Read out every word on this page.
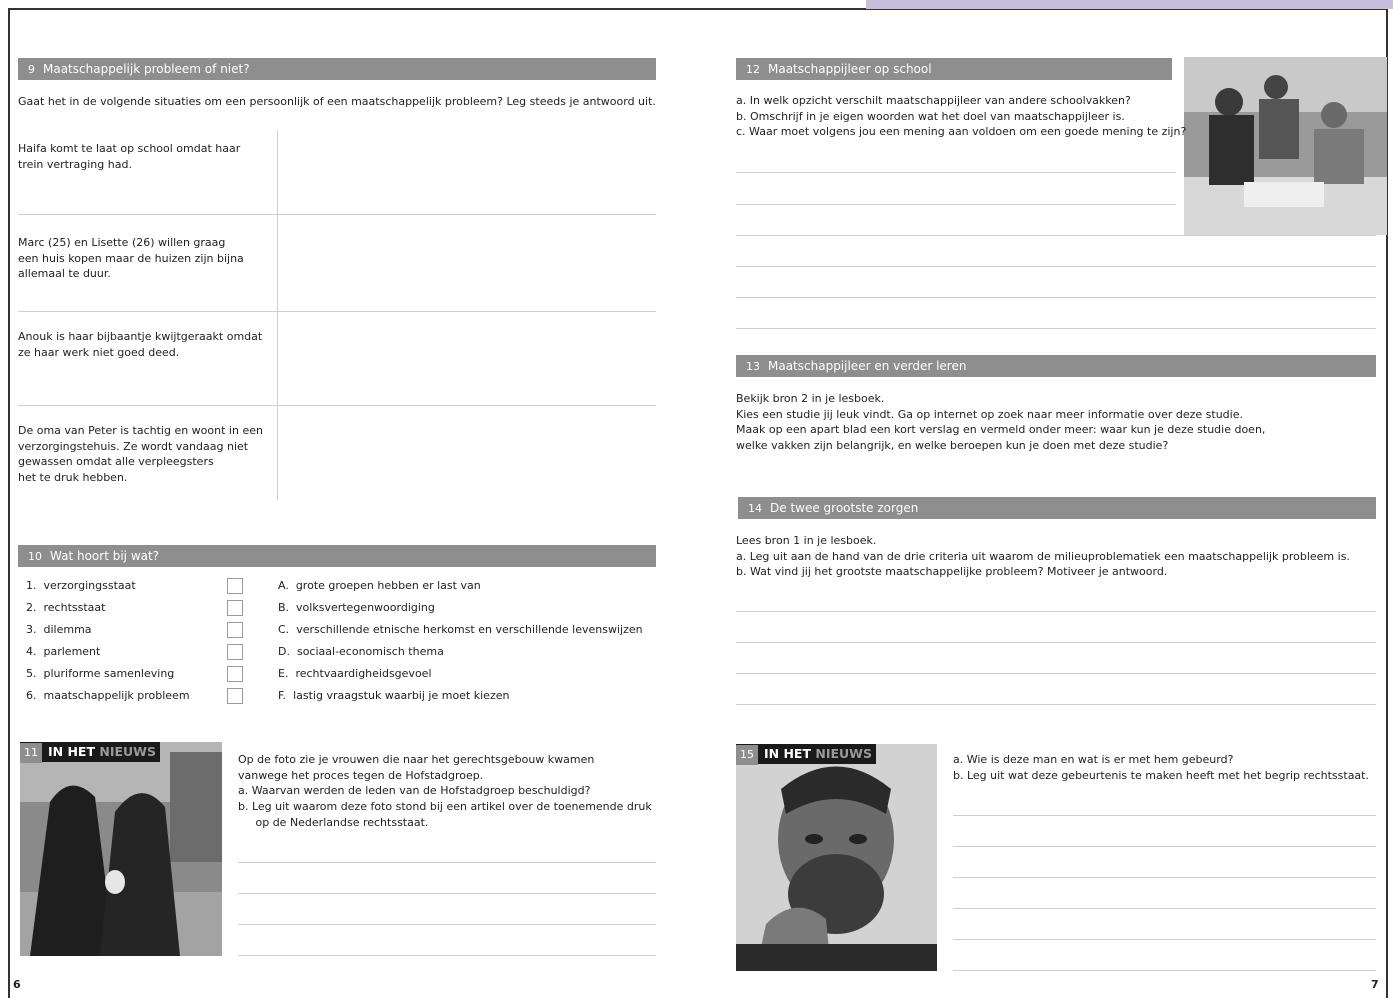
9 Maatschappelijk probleem of niet?
Gaat het in de volgende situaties om een persoonlijk of een maatschappelijk probleem? Leg steeds je antwoord uit.
Haifa komt te laat op school omdat haar
trein vertraging had.
Marc (25) en Lisette (26) willen graag
een huis kopen maar de huizen zijn bijna
allemaal te duur.
Anouk is haar bijbaantje kwijtgeraakt omdat
ze haar werk niet goed deed.
De oma van Peter is tachtig en woont in een
verzorgingstehuis. Ze wordt vandaag niet
gewassen omdat alle verpleegsters
het te druk hebben.
10 Wat hoort bij wat?
1. verzorgingsstaat
2. rechtsstaat
3. dilemma
4. parlement
5. pluriforme samenleving
6. maatschappelijk probleem
A. grote groepen hebben er last van
B. volksvertegenwoordiging
C. verschillende etnische herkomst en verschillende levenswijzen
D. sociaal-economisch thema
E. rechtvaardigheidsgevoel
F. lastig vraagstuk waarbij je moet kiezen
11 IN HET NIEUWS
Op de foto zie je vrouwen die naar het gerechtsgebouw kwamen
vanwege het proces tegen de Hofstadgroep.
a. Waarvan werden de leden van de Hofstadgroep beschuldigd?
b. Leg uit waarom deze foto stond bij een artikel over de toenemende druk
op de Nederlandse rechtsstaat.
6
12 Maatschappijleer op school
a. In welk opzicht verschilt maatschappijleer van andere schoolvakken?
b. Omschrijf in je eigen woorden wat het doel van maatschappijleer is.
c. Waar moet volgens jou een mening aan voldoen om een goede mening te zijn?
13 Maatschappijleer en verder leren
Bekijk bron 2 in je lesboek.
Kies een studie jij leuk vindt. Ga op internet op zoek naar meer informatie over deze studie.
Maak op een apart blad een kort verslag en vermeld onder meer: waar kun je deze studie doen,
welke vakken zijn belangrijk, en welke beroepen kun je doen met deze studie?
14 De twee grootste zorgen
Lees bron 1 in je lesboek.
a. Leg uit aan de hand van de drie criteria uit waarom de milieuproblematiek een maatschappelijk probleem is.
b. Wat vind jij het grootste maatschappelijke probleem? Motiveer je antwoord.
15 IN HET NIEUWS	a. Wie is deze man en wat is er met hem gebeurd?
b. Leg uit wat deze gebeurtenis te maken heeft met het begrip rechtsstaat.
7
